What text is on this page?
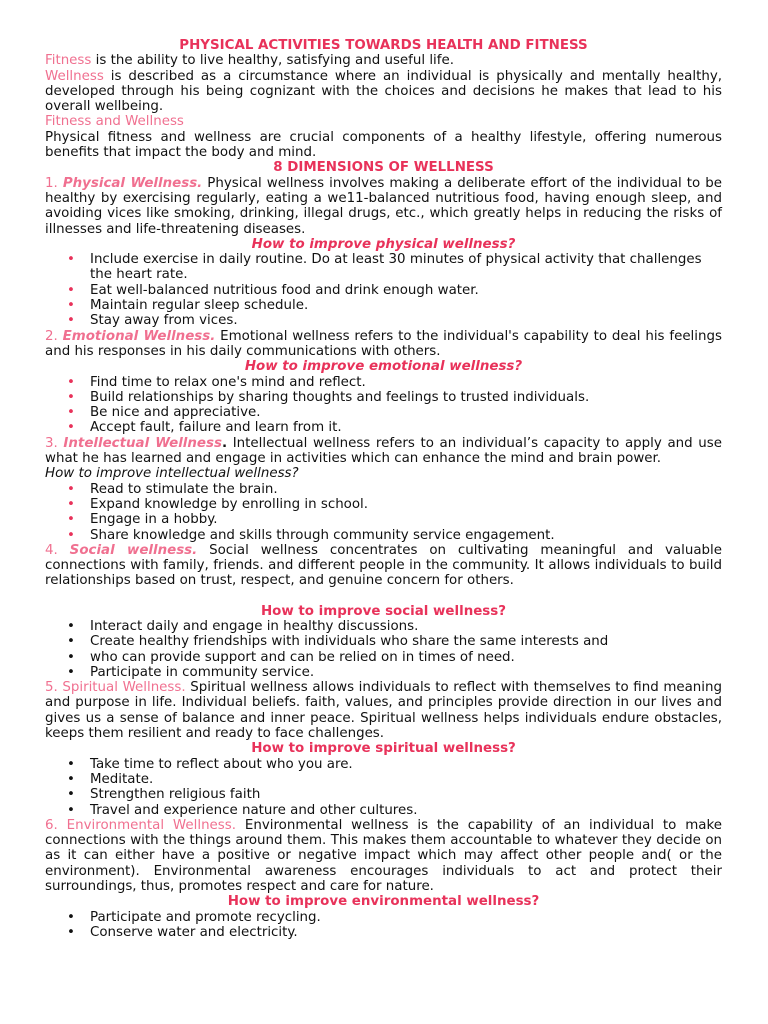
PHYSICAL ACTIVITIES TOWARDS HEALTH AND FITNESS

Fitness is the ability to live healthy, satisfying and useful life.

Wellness is described as a circumstance where an individual is physically and mentally healthy, developed through his being cognizant with the choices and decisions he makes that lead to his overall wellbeing.

Fitness and Wellness

Physical fitness and wellness are crucial components of a healthy lifestyle, offering numerous benefits that impact the body and mind.

8 DIMENSIONS OF WELLNESS

1. Physical Wellness. Physical wellness involves making a deliberate effort of the individual to be healthy by exercising regularly, eating a we11-balanced nutritious food, having enough sleep, and avoiding vices like smoking, drinking, illegal drugs, etc., which greatly helps in reducing the risks of illnesses and life-threatening diseases.

How to improve physical wellness?
• Include exercise in daily routine. Do at least 30 minutes of physical activity that challenges the heart rate.
• Eat well-balanced nutritious food and drink enough water.
• Maintain regular sleep schedule.
• Stay away from vices.

2. Emotional Wellness. Emotional wellness refers to the individual's capability to deal his feelings and his responses in his daily communications with others.

How to improve emotional wellness?
• Find time to relax one's mind and reflect.
• Build relationships by sharing thoughts and feelings to trusted individuals.
• Be nice and appreciative.
• Accept fault, failure and learn from it.

3. Intellectual Wellness. Intellectual wellness refers to an individual’s capacity to apply and use what he has learned and engage in activities which can enhance the mind and brain power.

How to improve intellectual wellness?
• Read to stimulate the brain.
• Expand knowledge by enrolling in school.
• Engage in a hobby.
• Share knowledge and skills through community service engagement.

4. Social wellness. Social wellness concentrates on cultivating meaningful and valuable connections with family, friends. and different people in the community. It allows individuals to build relationships based on trust, respect, and genuine concern for others.

How to improve social wellness?
• Interact daily and engage in healthy discussions.
• Create healthy friendships with individuals who share the same interests and
• who can provide support and can be relied on in times of need.
• Participate in community service.

5. Spiritual Wellness. Spiritual wellness allows individuals to reflect with themselves to find meaning and purpose in life. Individual beliefs. faith, values, and principles provide direction in our lives and gives us a sense of balance and inner peace. Spiritual wellness helps individuals endure obstacles, keeps them resilient and ready to face challenges.

How to improve spiritual wellness?
• Take time to reflect about who you are.
• Meditate.
• Strengthen religious faith
• Travel and experience nature and other cultures.

6. Environmental Wellness. Environmental wellness is the capability of an individual to make connections with the things around them. This makes them accountable to whatever they decide on as it can either have a positive or negative impact which may affect other people and( or the environment). Environmental awareness encourages individuals to act and protect their surroundings, thus, promotes respect and care for nature.

How to improve environmental wellness?
• Participate and promote recycling.
• Conserve water and electricity.
